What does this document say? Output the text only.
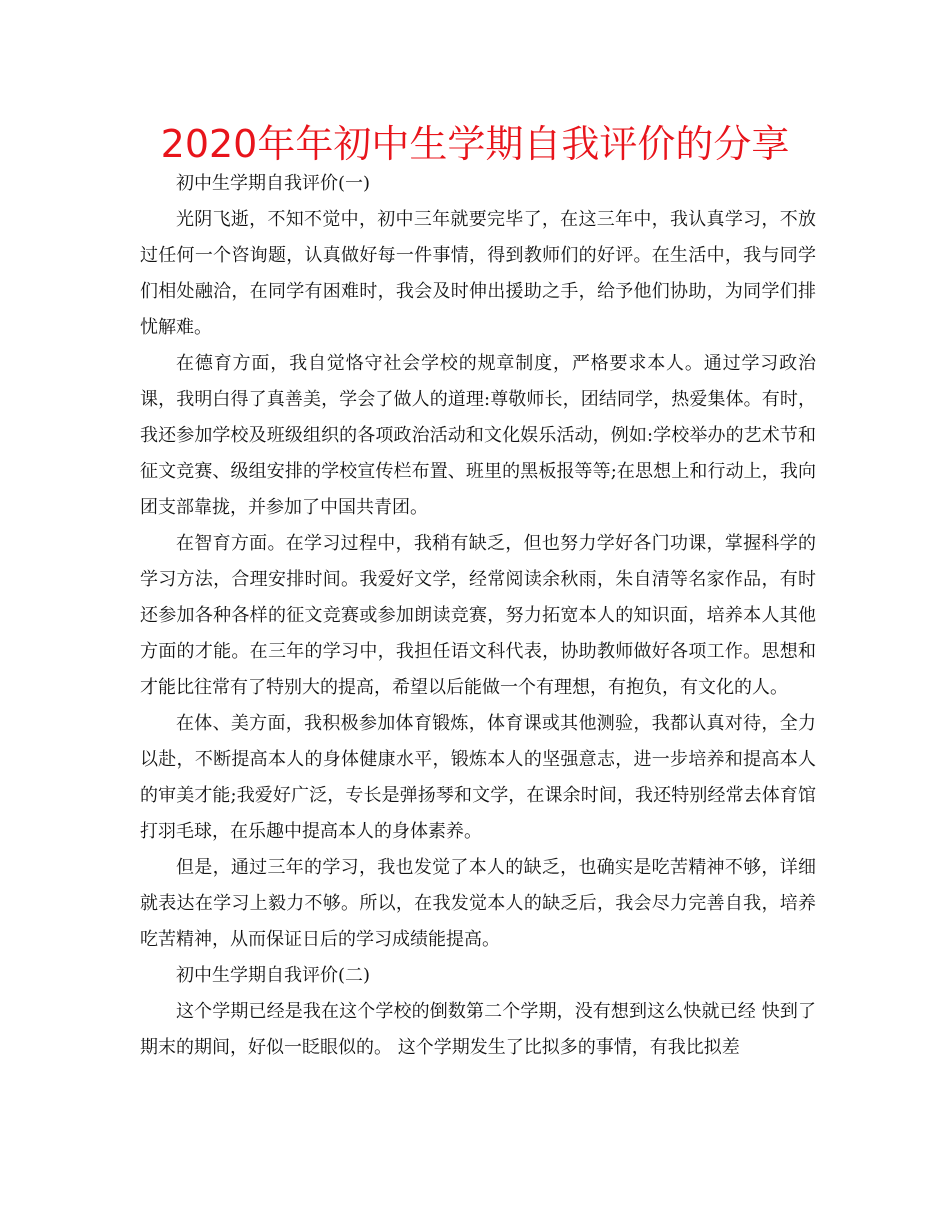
2020年年初中生学期自我评价的分享

初中生学期自我评价(一)

光阴飞逝，不知不觉中，初中三年就要完毕了，在这三年中，我认真学习，不放过任何一个咨询题，认真做好每一件事情，得到教师们的好评。在生活中，我与同学们相处融洽，在同学有困难时，我会及时伸出援助之手，给予他们协助，为同学们排忧解难。

在德育方面，我自觉恪守社会学校的规章制度，严格要求本人。通过学习政治课，我明白得了真善美，学会了做人的道理:尊敬师长，团结同学，热爱集体。有时，我还参加学校及班级组织的各项政治活动和文化娱乐活动，例如:学校举办的艺术节和征文竞赛、级组安排的学校宣传栏布置、班里的黑板报等等;在思想上和行动上，我向团支部靠拢，并参加了中国共青团。

在智育方面。在学习过程中，我稍有缺乏，但也努力学好各门功课，掌握科学的学习方法，合理安排时间。我爱好文学，经常阅读余秋雨，朱自清等名家作品，有时还参加各种各样的征文竞赛或参加朗读竞赛，努力拓宽本人的知识面，培养本人其他方面的才能。在三年的学习中，我担任语文科代表，协助教师做好各项工作。思想和才能比往常有了特别大的提高，希望以后能做一个有理想，有抱负，有文化的人。

在体、美方面，我积极参加体育锻炼，体育课或其他测验，我都认真对待，全力以赴，不断提高本人的身体健康水平，锻炼本人的坚强意志，进一步培养和提高本人的审美才能;我爱好广泛，专长是弹扬琴和文学，在课余时间，我还特别经常去体育馆打羽毛球，在乐趣中提高本人的身体素养。

但是，通过三年的学习，我也发觉了本人的缺乏，也确实是吃苦精神不够，详细就表达在学习上毅力不够。所以，在我发觉本人的缺乏后，我会尽力完善自我，培养吃苦精神，从而保证日后的学习成绩能提高。

初中生学期自我评价(二)

这个学期已经是我在这个学校的倒数第二个学期，没有想到这么快就已经 快到了期末的期间，好似一眨眼似的。 这个学期发生了比拟多的事情，有我比拟差
